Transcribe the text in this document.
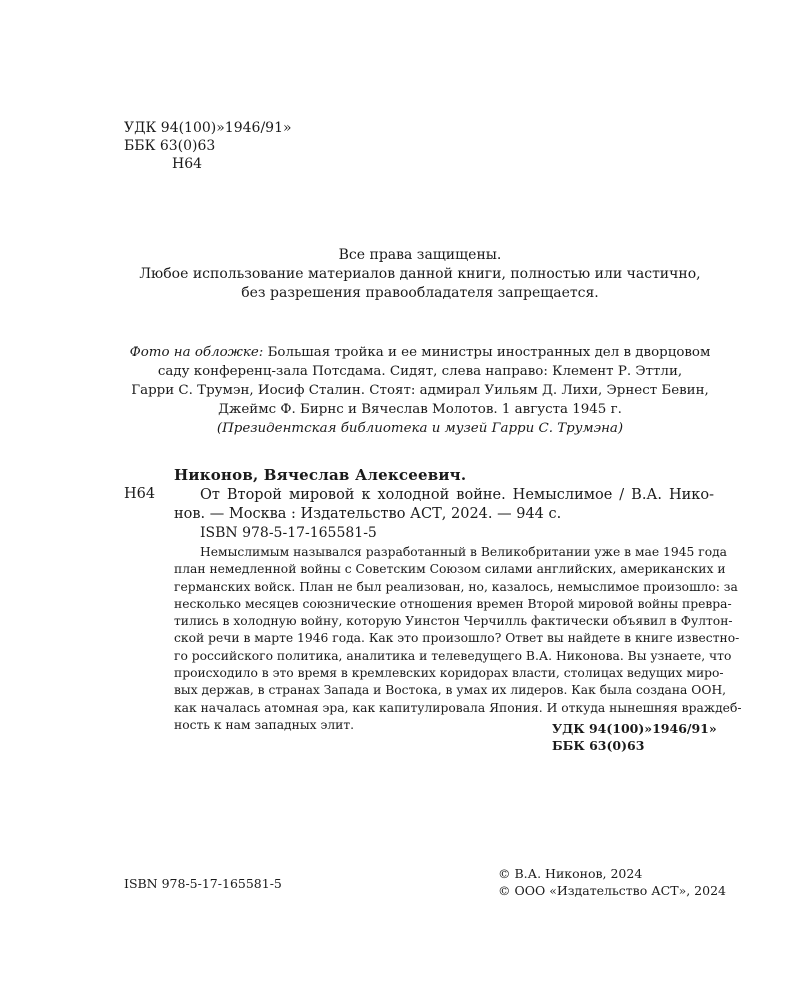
УДК 94(100)»1946/91»
ББК 63(0)63
Н64
Все права защищены.
Любое использование материалов данной книги, полностью или частично,
без разрешения правообладателя запрещается.
Фото на обложке: Большая тройка и ее министры иностранных дел в дворцовом
саду конференц-зала Потсдама. Сидят, слева направо: Клемент Р. Эттли,
Гарри С. Трумэн, Иосиф Сталин. Стоят: адмирал Уильям Д. Лихи, Эрнест Бевин,
Джеймс Ф. Бирнс и Вячеслав Молотов. 1 августа 1945 г.
(Президентская библиотека и музей Гарри С. Трумэна)
Никонов, Вячеслав Алексеевич.
Н64	От Второй мировой к холодной войне. Немыслимое / В.А. Нико-
нов. — Москва : Издательство АСТ, 2024. — 944 с.
ISBN 978-5-17-165581-5
Немыслимым назывался разработанный в Великобритании уже в мае 1945 года
план немедленной войны с Советским Союзом силами английских, американских и
германских войск. План не был реализован, но, казалось, немыслимое произошло: за
несколько месяцев союзнические отношения времен Второй мировой войны превра-
тились в холодную войну, которую Уинстон Черчилль фактически объявил в Фултон-
ской речи в марте 1946 года. Как это произошло? Ответ вы найдете в книге известно-
го российского политика, аналитика и телеведущего В.А. Никонова. Вы узнаете, что
происходило в это время в кремлевских коридорах власти, столицах ведущих миро-
вых держав, в странах Запада и Востока, в умах их лидеров. Как была создана ООН,
как началась атомная эра, как капитулировала Япония. И откуда нынешняя враждеб-
ность к нам западных элит.	УДК 94(100)»1946/91»
ББК 63(0)63
ISBN 978-5-17-165581-5
© В.А. Никонов, 2024
© ООО «Издательство АСТ», 2024
